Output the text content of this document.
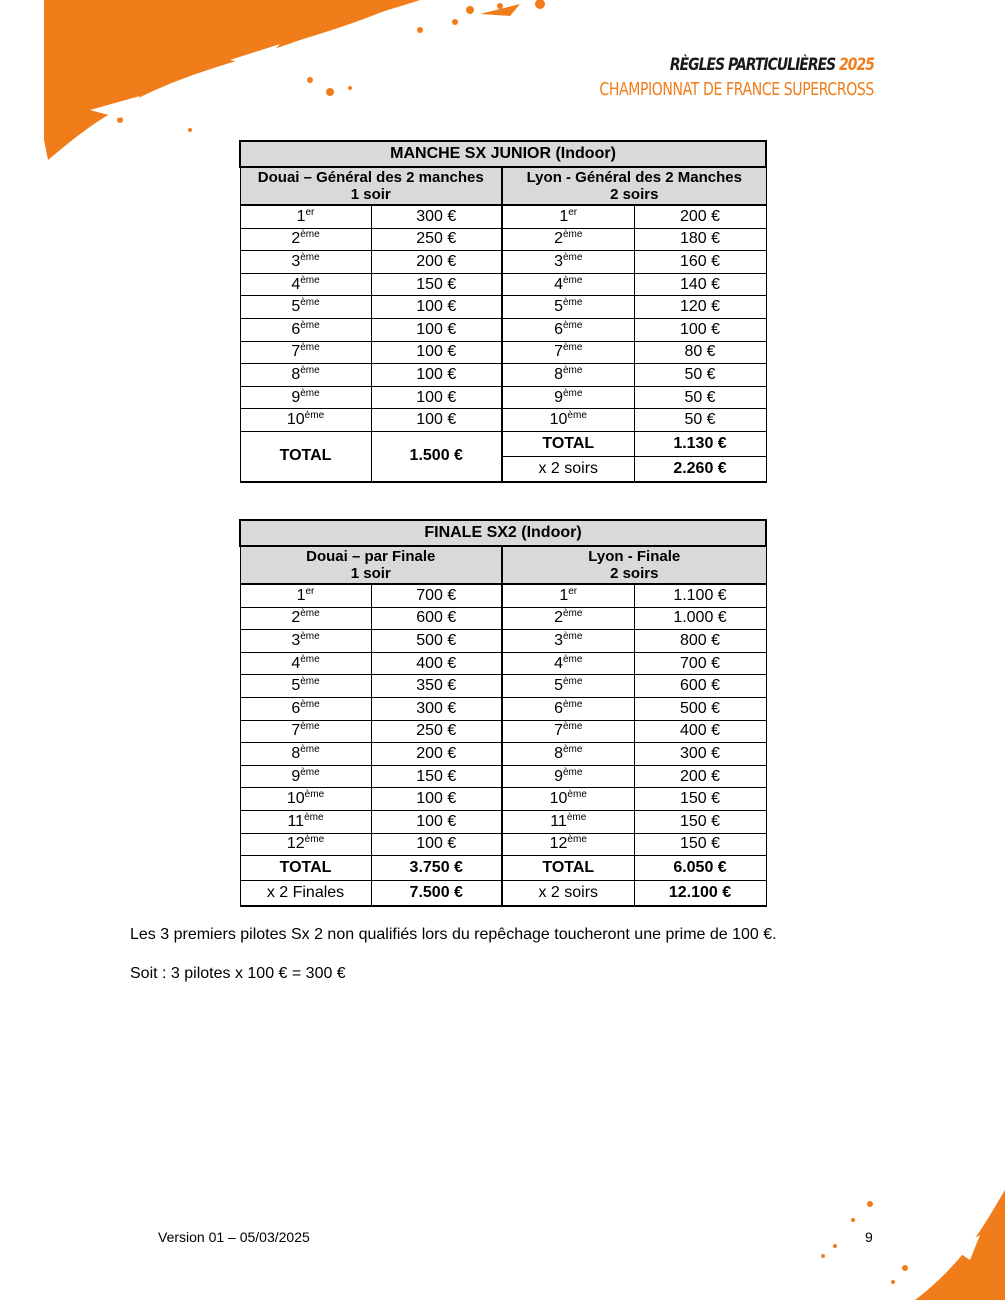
RÈGLES PARTICULIÈRES 2025
CHAMPIONNAT DE FRANCE SUPERCROSS
MANCHE SX JUNIOR (Indoor)			
Douai – Général des 2 manches
1 soir		Lyon - Général des 2 Manches
2 soirs	
1er	300 €	1er	200 €
2ème	250 €	2ème	180 €
3ème	200 €	3ème	160 €
4ème	150 €	4ème	140 €
5ème	100 €	5ème	120 €
6ème	100 €	6ème	100 €
7ème	100 €	7ème	80 €
8ème	100 €	8ème	50 €
9ème	100 €	9ème	50 €
10ème	100 €	10ème	50 €
TOTAL	1.500 €	TOTAL	1.130 €
		x 2 soirs	2.260 €
FINALE SX2 (Indoor)			
Douai – par Finale
1 soir		Lyon - Finale
2 soirs	
1er	700 €	1er	1.100 €
2ème	600 €	2ème	1.000 €
3ème	500 €	3ème	800 €
4ème	400 €	4ème	700 €
5ème	350 €	5ème	600 €
6ème	300 €	6ème	500 €
7ème	250 €	7ème	400 €
8ème	200 €	8ème	300 €
9ème	150 €	9ème	200 €
10ème	100 €	10ème	150 €
11ème	100 €	11ème	150 €
12ème	100 €	12ème	150 €
TOTAL	3.750 €	TOTAL	6.050 €
x 2 Finales	7.500 €	x 2 soirs	12.100 €
Les 3 premiers pilotes Sx 2 non qualifiés lors du repêchage toucheront une prime de 100 €.
Soit : 3 pilotes x 100 € = 300 €
Version 01 – 05/03/2025	9
